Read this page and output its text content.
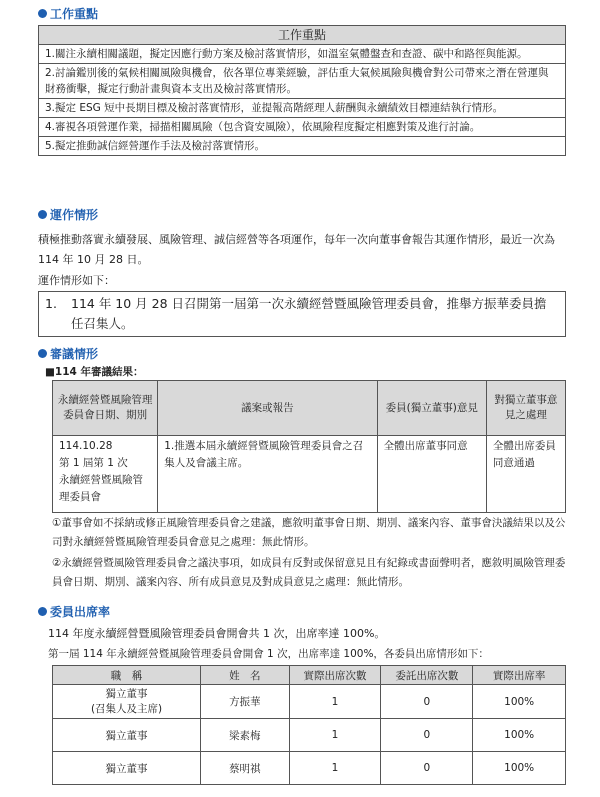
工作重點
工作重點
1.關注永續相關議題，擬定因應行動方案及檢討落實情形，如溫室氣體盤查和查證、碳中和路徑與能源。
2.討論鑑別後的氣候相關風險與機會，依各單位專業經驗，評估重大氣候風險與機會對公司帶來之潛在營運與財務衝擊，擬定行動計畫與資本支出及檢討落實情形。
3.擬定 ESG 短中長期目標及檢討落實情形，並提報高階經理人薪酬與永續績效目標連結執行情形。
4.審視各項營運作業，掃描相關風險（包含資安風險），依風險程度擬定相應對策及進行討論。
5.擬定推動誠信經營運作手法及檢討落實情形。
運作情形
積極推動落實永續發展、風險管理、誠信經營等各項運作，每年一次向董事會報告其運作情形，最近一次為 114 年 10 月 28 日。
運作情形如下：
1.	114 年 10 月 28 日召開第一屆第一次永續經營暨風險管理委員會，推舉方振華委員擔任召集人。
審議情形
■114 年審議結果：
永續經營暨風險管理委員會日期、期別	議案或報告	委員(獨立董事)意見	對獨立董事意見之處理
114.10.28
第 1 屆第 1 次
永續經營暨風險管理委員會	1.推選本屆永續經營暨風險管理委員會之召集人及會議主席。	全體出席董事同意	全體出席委員同意通過
①董事會如不採納或修正風險管理委員會之建議，應敘明董事會日期、期別、議案內容、董事會決議結果以及公司對永續經營暨風險管理委員會意見之處理：無此情形。
②永續經營暨風險管理委員會之議決事項，如成員有反對或保留意見且有紀錄或書面聲明者，應敘明風險管理委員會日期、期別、議案內容、所有成員意見及對成員意見之處理：無此情形。
委員出席率
114 年度永續經營暨風險管理委員會開會共 1 次，出席率達 100%。
第一屆 114 年永續經營暨風險管理委員會開會 1 次，出席率達 100%，各委員出席情形如下：
職　稱	姓　名	實際出席次數	委託出席次數	實際出席率
獨立董事
(召集人及主席)	方振華	1	0	100%
獨立董事	梁素梅	1	0	100%
獨立董事	蔡明祺	1	0	100%
